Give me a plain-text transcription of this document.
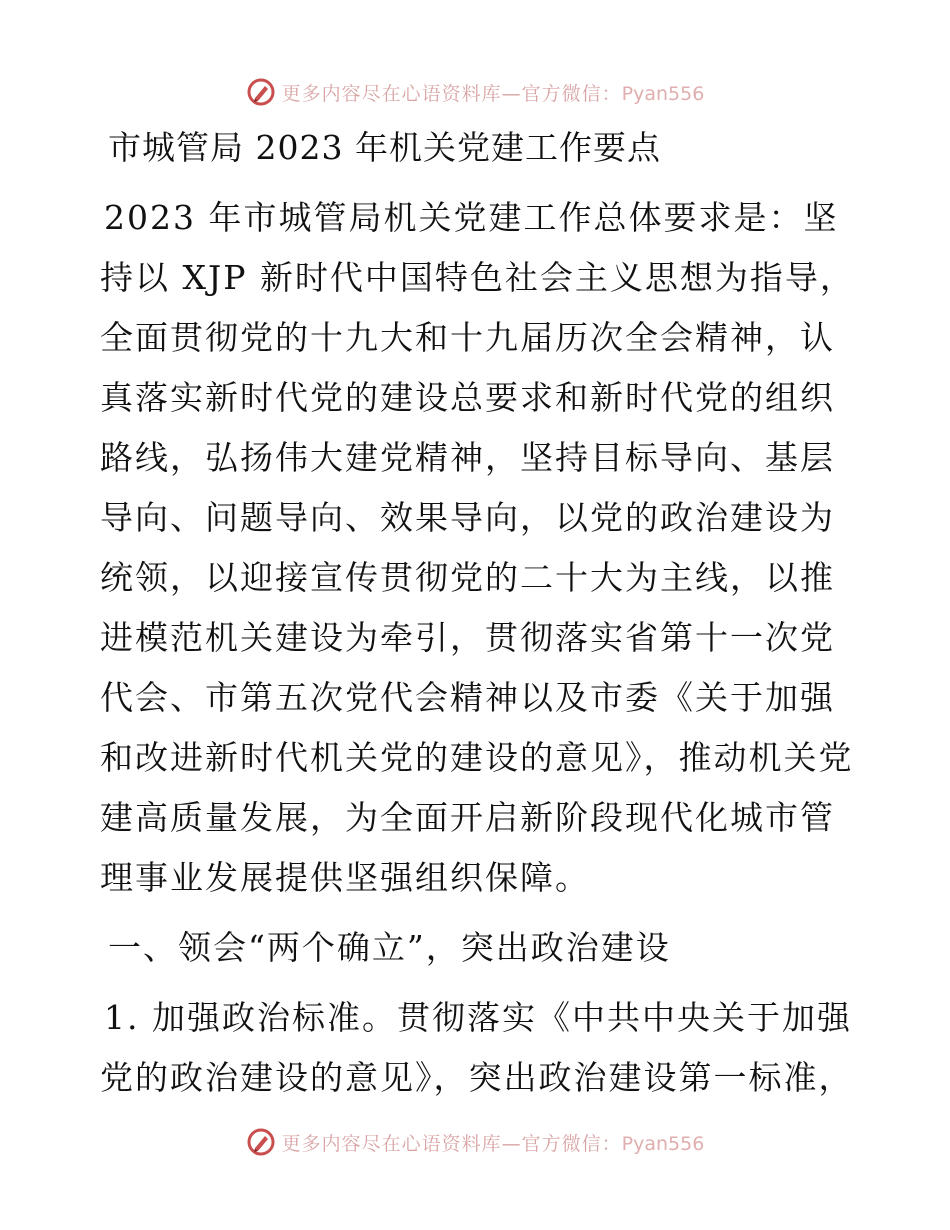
更多内容尽在心语资料库—官方微信：Pyan556
市城管局 2023 年机关党建工作要点

2023 年市城管局机关党建工作总体要求是：坚持以 XJP 新时代中国特色社会主义思想为指导，全面贯彻党的十九大和十九届历次全会精神，认真落实新时代党的建设总要求和新时代党的组织路线，弘扬伟大建党精神，坚持目标导向、基层导向、问题导向、效果导向，以党的政治建设为统领，以迎接宣传贯彻党的二十大为主线，以推进模范机关建设为牵引，贯彻落实省第十一次党代会、市第五次党代会精神以及市委《关于加强和改进新时代机关党的建设的意见》，推动机关党建高质量发展，为全面开启新阶段现代化城市管理事业发展提供坚强组织保障。

一、领会“两个确立”，突出政治建设

1. 加强政治标准。贯彻落实《中共中央关于加强党的政治建设的意见》，突出政治建设第一标准，

更多内容尽在心语资料库—官方微信：Pyan556
